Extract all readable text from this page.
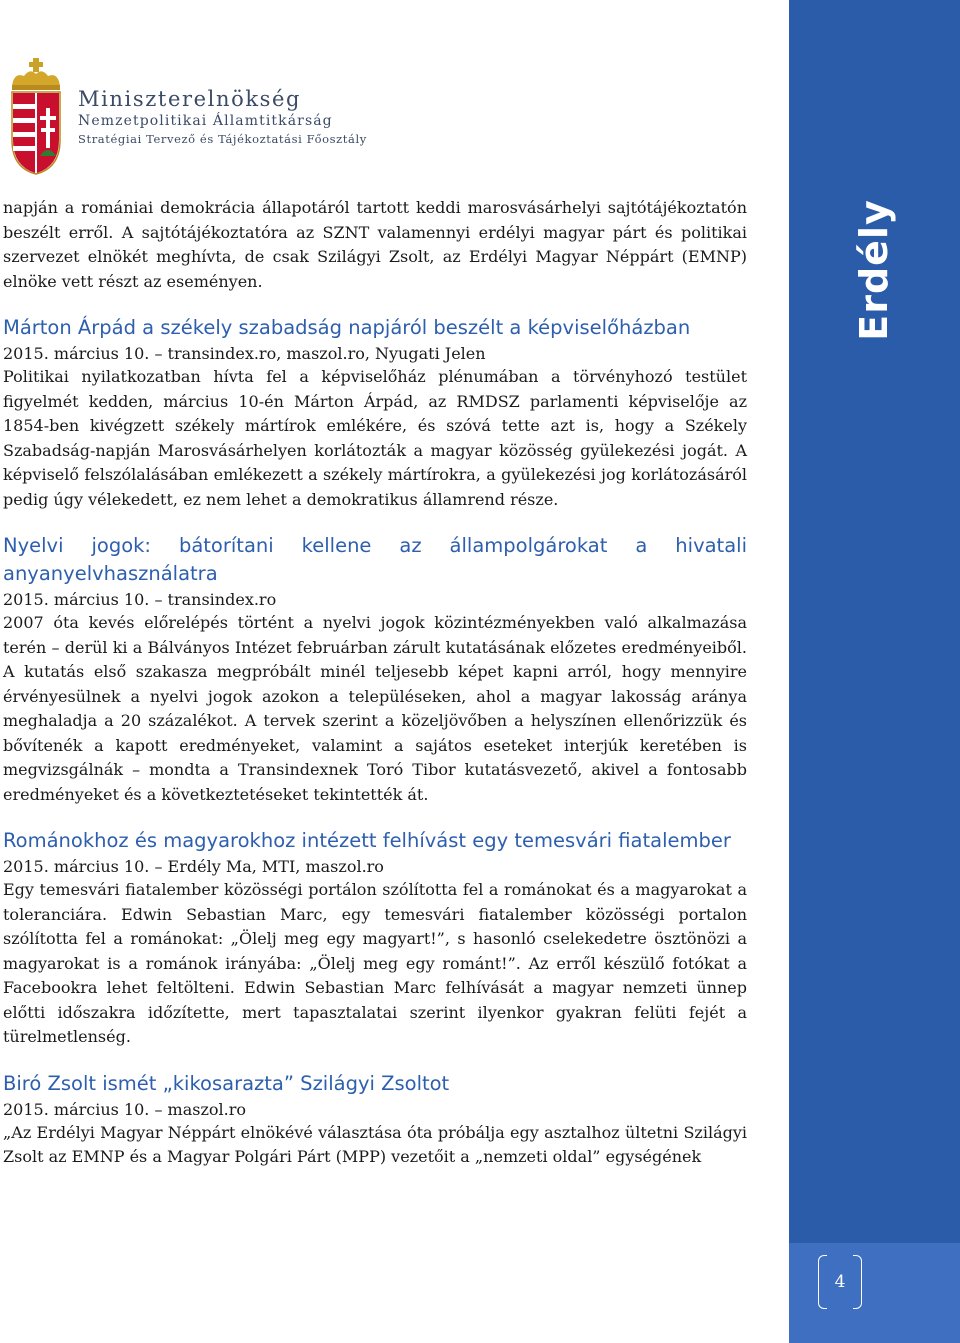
Miniszterelnökség
Nemzetpolitikai Államtitkárság
Stratégiai Tervező és Tájékoztatási Főosztály

napján a romániai demokrácia állapotáról tartott keddi marosvásárhelyi sajtótájékoztatón beszélt erről. A sajtótájékoztatóra az SZNT valamennyi erdélyi magyar párt és politikai szervezet elnökét meghívta, de csak Szilágyi Zsolt, az Erdélyi Magyar Néppárt (EMNP) elnöke vett részt az eseményen.

Márton Árpád a székely szabadság napjáról beszélt a képviselőházban
2015. március 10. – transindex.ro, maszol.ro, Nyugati Jelen
Politikai nyilatkozatban hívta fel a képviselőház plénumában a törvényhozó testület figyelmét kedden, március 10-én Márton Árpád, az RMDSZ parlamenti képviselője az 1854-ben kivégzett székely mártírok emlékére, és szóvá tette azt is, hogy a Székely Szabadság-napján Marosvásárhelyen korlátozták a magyar közösség gyülekezési jogát. A képviselő felszólalásában emlékezett a székely mártírokra, a gyülekezési jog korlátozásáról pedig úgy vélekedett, ez nem lehet a demokratikus államrend része.
Nyelvi jogok: bátorítani kellene az állampolgárokat a hivatali anyanyelvhasználatra
2015. március 10. – transindex.ro
2007 óta kevés előrelépés történt a nyelvi jogok közintézményekben való alkalmazása terén – derül ki a Bálványos Intézet februárban zárult kutatásának előzetes eredményeiből. A kutatás első szakasza megpróbált minél teljesebb képet kapni arról, hogy mennyire érvényesülnek a nyelvi jogok azokon a településeken, ahol a magyar lakosság aránya meghaladja a 20 százalékot. A tervek szerint a közeljövőben a helyszínen ellenőrizzük és bővítenék a kapott eredményeket, valamint a sajátos eseteket interjúk keretében is megvizsgálnák – mondta a Transindexnek Toró Tibor kutatásvezető, akivel a fontosabb eredményeket és a következtetéseket tekintették át.
Románokhoz és magyarokhoz intézett felhívást egy temesvári fiatalember
2015. március 10. – Erdély Ma, MTI, maszol.ro
Egy temesvári fiatalember közösségi portálon szólította fel a románokat és a magyarokat a toleranciára. Edwin Sebastian Marc, egy temesvári fiatalember közösségi portalon szólította fel a románokat: „Ölelj meg egy magyart!”, s hasonló cselekedetre ösztönözi a magyarokat is a románok irányába: „Ölelj meg egy románt!”. Az erről készülő fotókat a Facebookra lehet feltölteni. Edwin Sebastian Marc felhívását a magyar nemzeti ünnep előtti időszakra időzítette, mert tapasztalatai szerint ilyenkor gyakran felüti fejét a türelmetlenség.
Biró Zsolt ismét „kikosarazta” Szilágyi Zsoltot
2015. március 10. – maszol.ro
„Az Erdélyi Magyar Néppárt elnökévé választása óta próbálja egy asztalhoz ültetni Szilágyi Zsolt az EMNP és a Magyar Polgári Párt (MPP) vezetőit a „nemzeti oldal” egységének
Erdély
4
